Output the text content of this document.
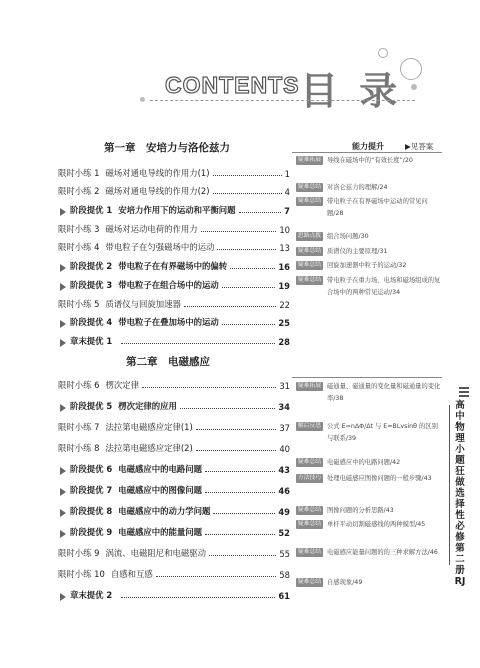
CONTENTS 目 录
第一章　安培力与洛伦兹力
限时小练 1 磁场对通电导线的作用力(1)	1
限时小练 2 磁场对通电导线的作用力(2)	4
阶段提优 1 安培力作用下的运动和平衡问题	7
限时小练 3 磁场对运动电荷的作用力	10
限时小练 4 带电粒子在匀强磁场中的运动	13
阶段提优 2 带电粒子在有界磁场中的偏转	16
阶段提优 3 带电粒子在组合场中的运动	19
限时小练 5 质谱仪与回旋加速器	22
阶段提优 4 带电粒子在叠加场中的运动	25
章末提优 1	28
第二章　电磁感应
限时小练 6 楞次定律	31
阶段提优 5 楞次定律的应用	34
限时小练 7 法拉第电磁感应定律(1)	37
限时小练 8 法拉第电磁感应定律(2)	40
阶段提优 6 电磁感应中的电路问题	43
阶段提优 7 电磁感应中的图像问题	46
阶段提优 8 电磁感应中的动力学问题	49
阶段提优 9 电磁感应中的能量问题	52
限时小练 9 涡流、电磁阻尼和电磁驱动	55
限时小练 10 自感和互感	58
章末提优 2	61
能力提升	▶见答案
疑难拓展 导线在磁场中的“有效长度”/20
疑难总结 对洛仑兹力的理解/24
疑难总结 带电粒子在有界磁场中运动的常见问题/28
思路点拨 组合场问题/30
疑难总结 质谱仪的主要原理/31
疑难总结 回旋加速器中粒子的运动/32
疑难总结 带电粒子在重力场、电场和磁场组成的复合场中的两种常见运动/34
疑难拓展 磁通量、磁通量的变化量和磁通量的变化率/38
解后反思 公式 E=nΔΦ/Δt 与 E=BLvsinθ 的区别与联系/39
疑难总结 电磁感应中的电路问题/42
方法技巧 处理电磁感应图像问题的一般步骤/43
疑难总结 图像问题的分析思路/43
疑难总结 单杆平动切割磁感线的两种模型/45
疑难总结 电磁感应能量问题的的三种求解方法/46
疑难总结 自感现象/49
高中物理 小题狂做 选择性必修第二册 RJ
